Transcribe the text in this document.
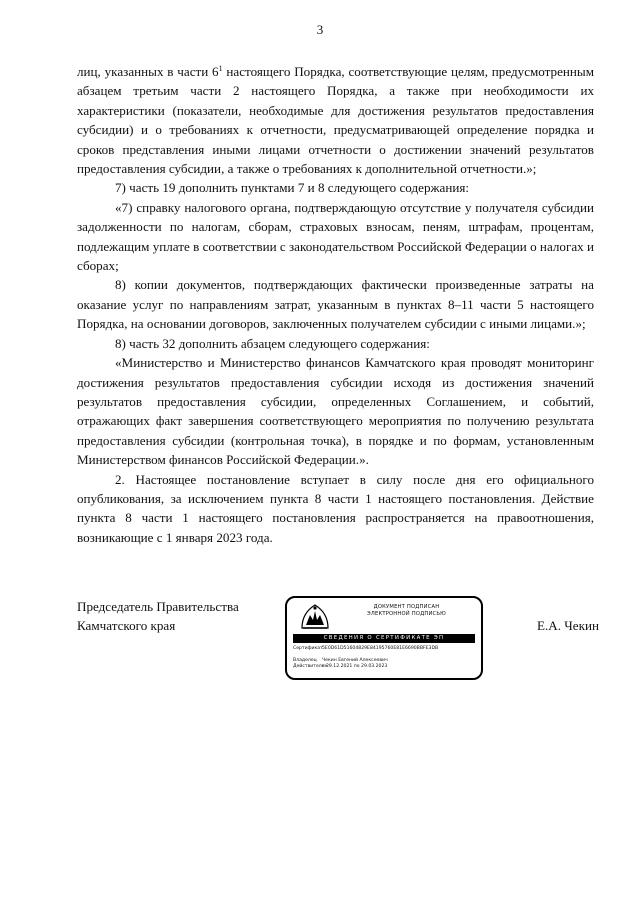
3

лиц, указанных в части $6^1$ настоящего Порядка, соответствующие целям, предусмотренным абзацем третьим части 2 настоящего Порядка, а также при необходимости их характеристики (показатели, необходимые для достижения результатов предоставления субсидии) и о требованиях к отчетности, предусматривающей определение порядка и сроков представления иными лицами отчетности о достижении значений результатов предоставления субсидии, а также о требованиях к дополнительной отчетности.»;

7) часть 19 дополнить пунктами 7 и 8 следующего содержания:

«7) справку налогового органа, подтверждающую отсутствие у получателя субсидии задолженности по налогам, сборам, страховых взносам, пеням, штрафам, процентам, подлежащим уплате в соответствии с законодательством Российской Федерации о налогах и сборах;

8) копии документов, подтверждающих фактически произведенные затраты на оказание услуг по направлениям затрат, указанным в пунктах 8–11 части 5 настоящего Порядка, на основании договоров, заключенных получателем субсидии с иными лицами.»;

8) часть 32 дополнить абзацем следующего содержания:

«Министерство и Министерство финансов Камчатского края проводят мониторинг достижения результатов предоставления субсидии исходя из достижения значений результатов предоставления субсидии, определенных Соглашением, и событий, отражающих факт завершения соответствующего мероприятия по получению результата предоставления субсидии (контрольная точка), в порядке и по формам, установленным Министерством финансов Российской Федерации.».

2. Настоящее постановление вступает в силу после дня его официального опубликования, за исключением пункта 8 части 1 настоящего постановления. Действие пункта 8 части 1 настоящего постановления распространяется на правоотношения, возникающие с 1 января 2023 года.

Председатель Правительства
Камчатского края
ДОКУМЕНТ ПОДПИСАН
ЭЛЕКТРОННОЙ ПОДПИСЬЮ
СВЕДЕНИЯ О СЕРТИФИКАТЕ ЭП
Сертификат 5E0D61D51604829E84195760E81E6690BBFE3DB
Владелец Чекин Евгений Алексеевич
Действителен
с 29.12.2021 по 29.03.2023
Е.А. Чекин
